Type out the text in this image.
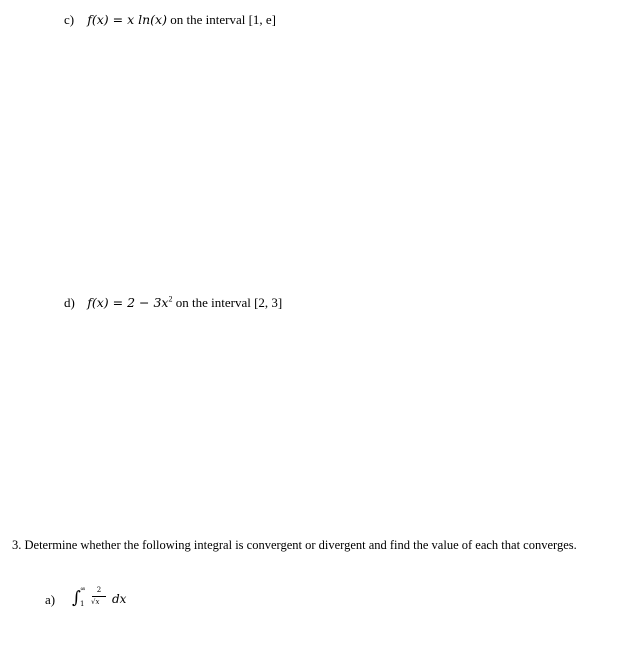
c) f(x) = x ln(x) on the interval [1, e]
d) $f(x) = 2 - 3x^2$ on the interval [2, 3]
3. Determine whether the following integral is convergent or divergent and find the value of each that converges.
a) ∫ ∞
1
2
√x dx
